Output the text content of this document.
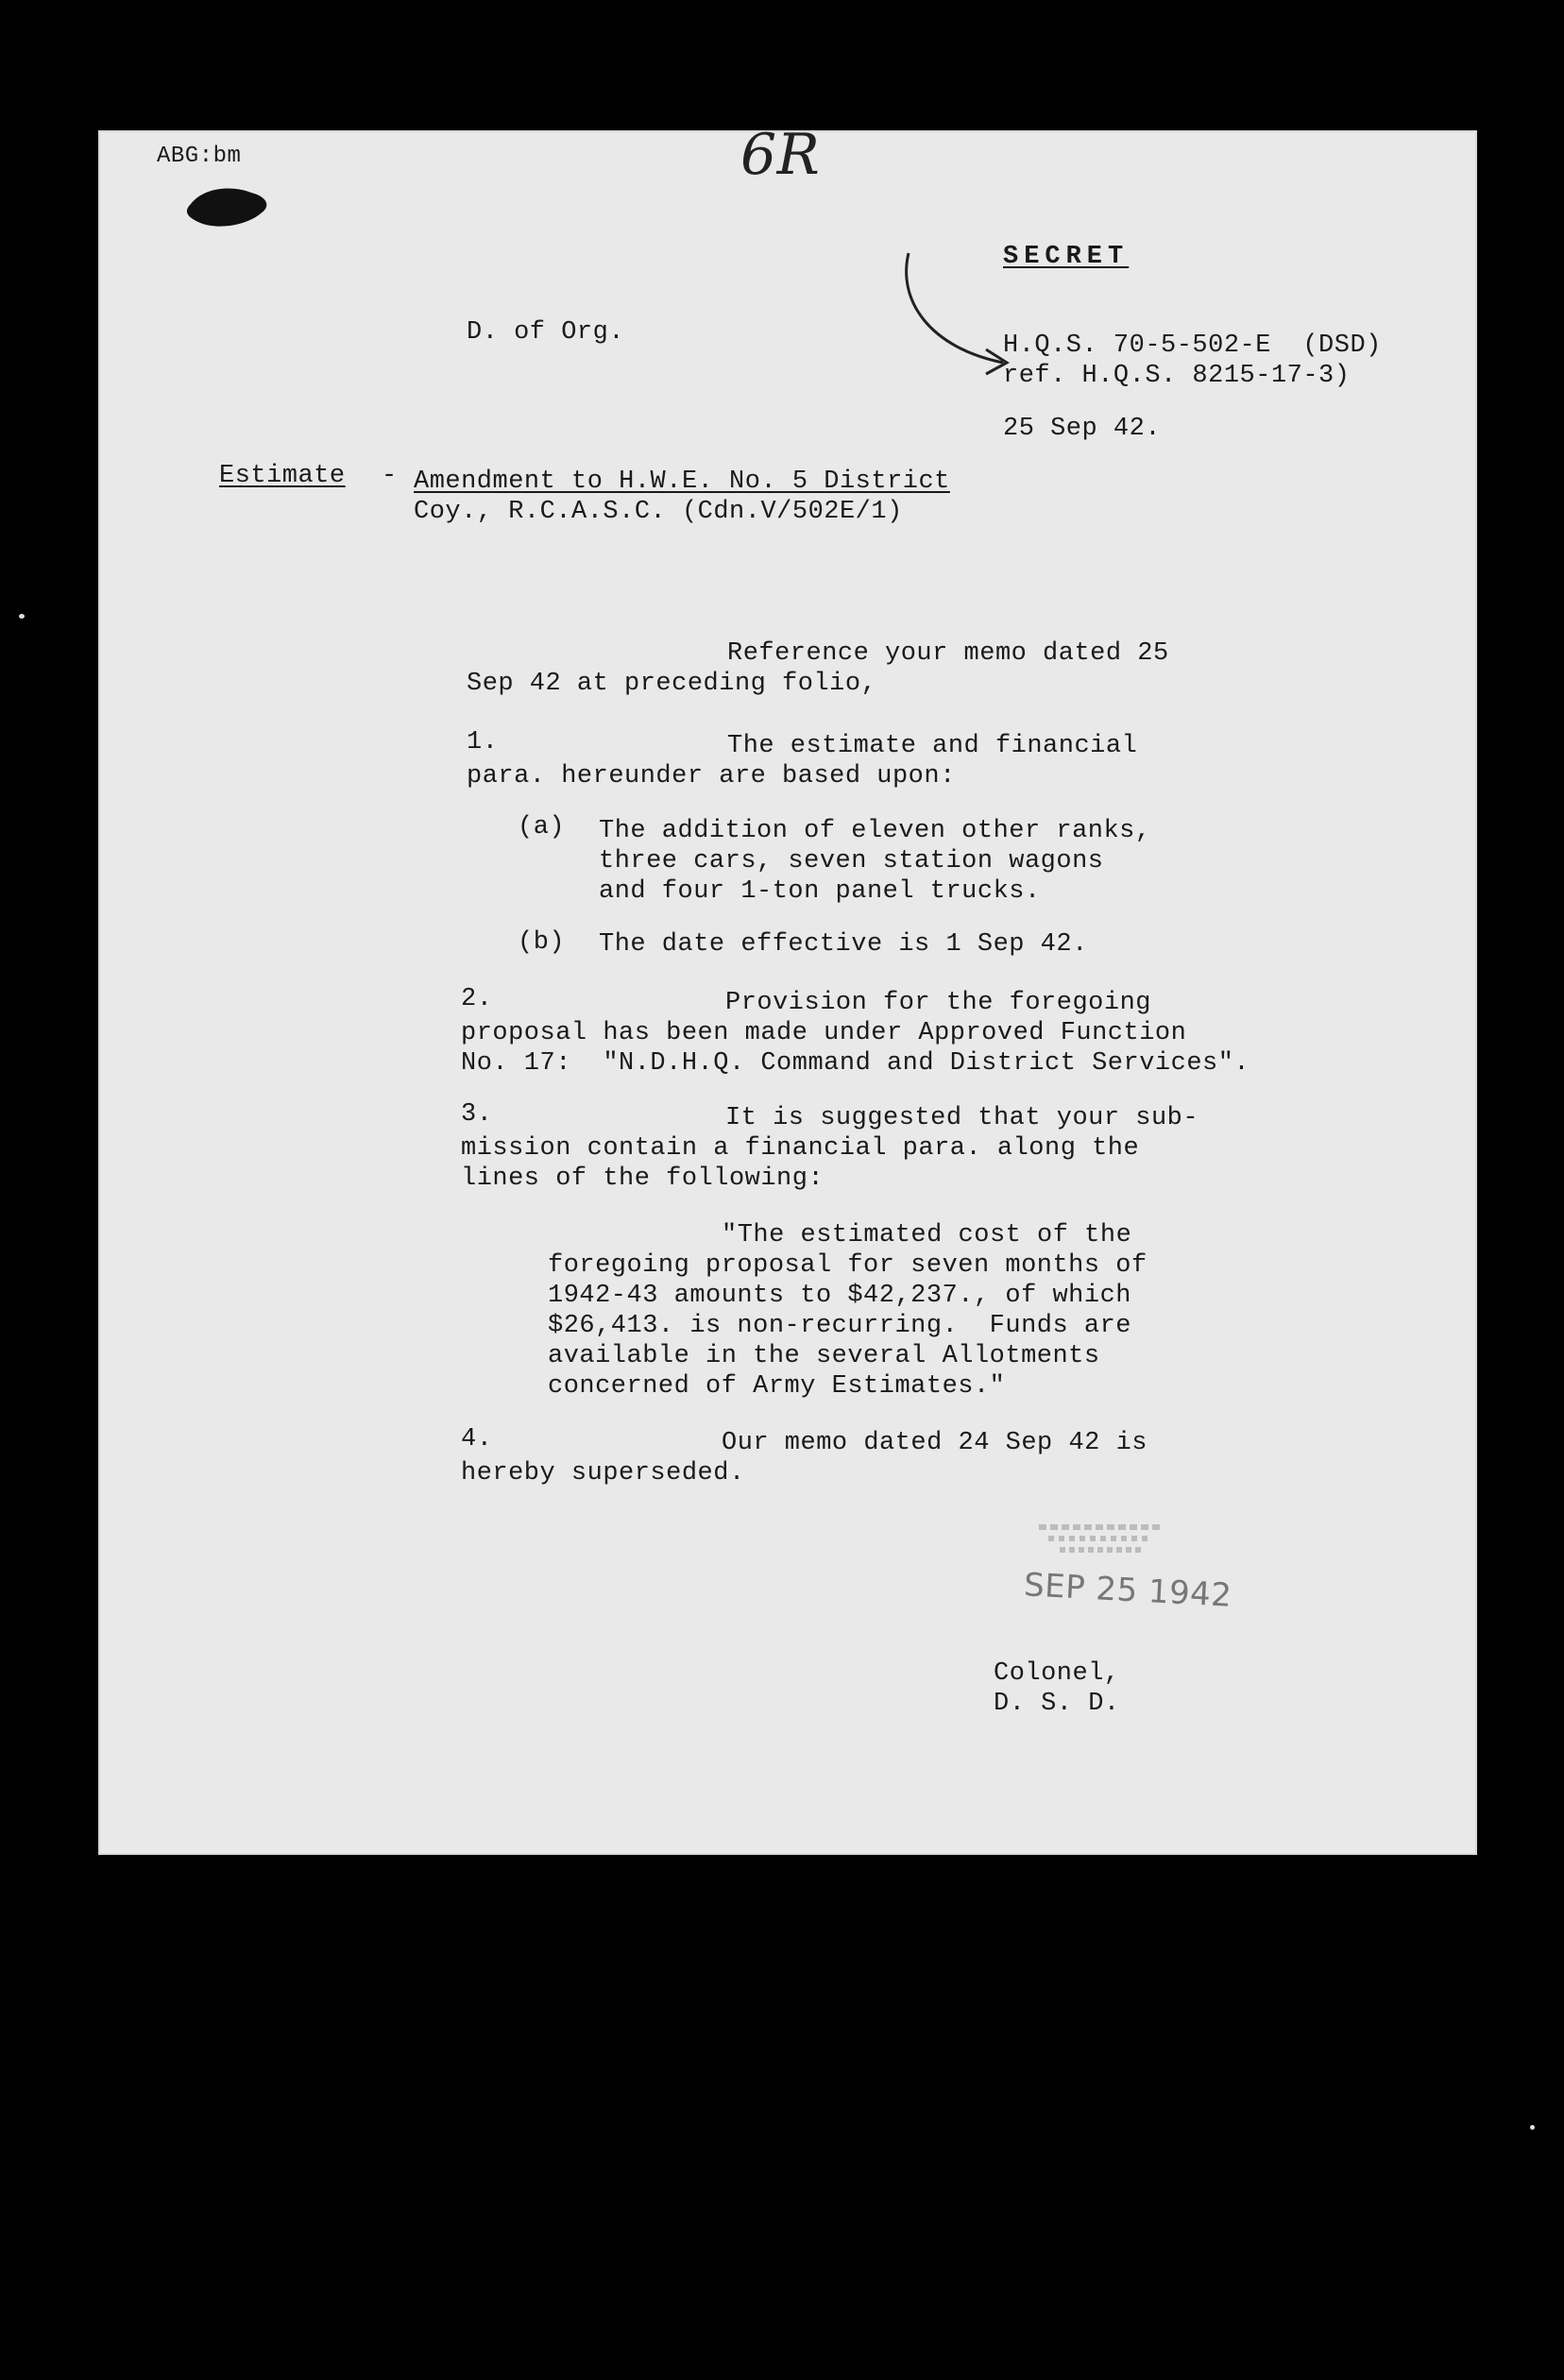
ABG:bm	6R
SECRET
D. of Org.	H.Q.S. 70-5-502-E  (DSD)
ref. H.Q.S. 8215-17-3)
25 Sep 42.
Estimate - Amendment to H.W.E. No. 5 District
Coy., R.C.A.S.C. (Cdn.V/502E/1)
Reference your memo dated 25
Sep 42 at preceding folio,
1.	The estimate and financial
para. hereunder are based upon:
(a) The addition of eleven other ranks,
three cars, seven station wagons
and four 1-ton panel trucks.
(b) The date effective is 1 Sep 42.
2.	Provision for the foregoing
proposal has been made under Approved Function
No. 17:  "N.D.H.Q. Command and District Services".
3.	It is suggested that your sub-
mission contain a financial para. along the
lines of the following:
"The estimated cost of the
foregoing proposal for seven months of
1942-43 amounts to $42,237., of which
$26,413. is non-recurring.  Funds are
available in the several Allotments
concerned of Army Estimates."
4.	Our memo dated 24 Sep 42 is
hereby superseded.
SEP 25 1942
Colonel,
D. S. D.
